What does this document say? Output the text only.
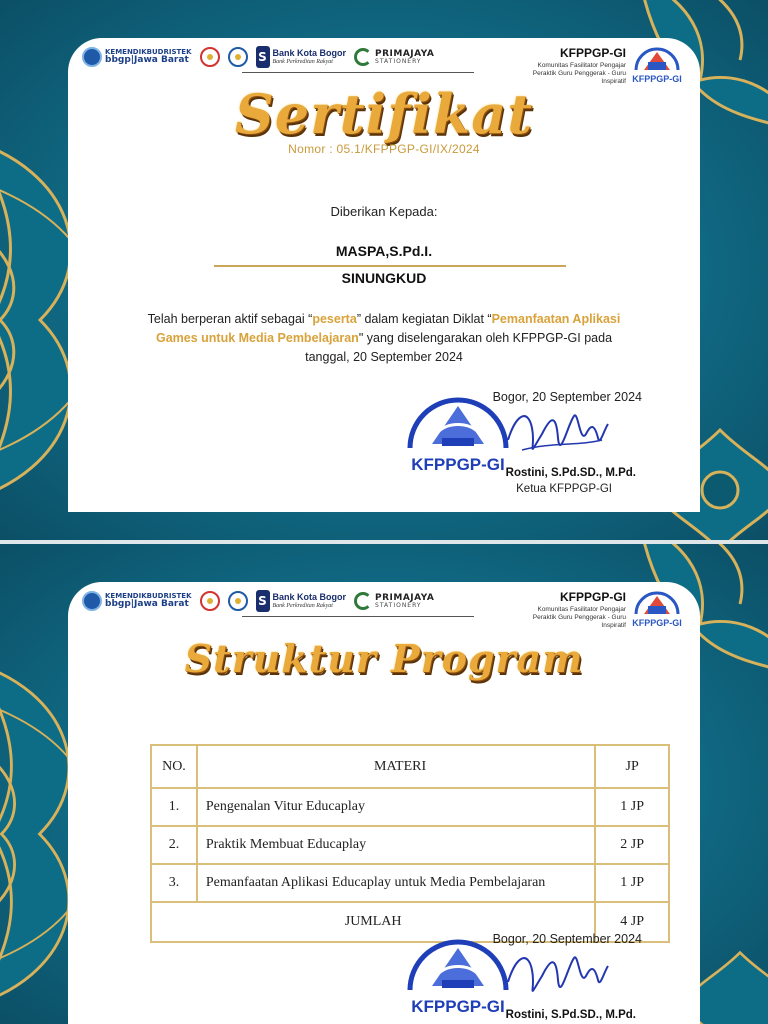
KEMENDIKBUDRISTEK
bbgp|Jawa Barat	S Bank Kota Bogor
Bank Perkreditan Rakyat
PRIMAJAYA
STATIONERY
KFPPGP-GI
Komunitas Fasilitator Pengajar Peraktik Guru Penggerak - Guru Inspiratif KFPPGP-GI
Sertifikat
Nomor : 05.1/KFPPGP-GI/IX/2024
Diberikan Kepada:
MASPA,S.Pd.I.
SINUNGKUD
Telah berperan aktif sebagai “peserta” dalam kegiatan Diklat “Pemanfaatan Aplikasi Games untuk Media Pembelajaran" yang diselengarakan oleh KFPPGP-GI pada tanggal, 20 September 2024
KFPPGP-GI
Bogor, 20 September 2024
Rostini, S.Pd.SD., M.Pd.
Ketua KFPPGP-GI
KEMENDIKBUDRISTEK
bbgp|Jawa Barat	S Bank Kota Bogor
Bank Perkreditan Rakyat
PRIMAJAYA
STATIONERY
KFPPGP-GI
Komunitas Fasilitator Pengajar Peraktik Guru Penggerak - Guru Inspiratif KFPPGP-GI
Struktur Program
NO.	MATERI	JP
1.	Pengenalan Vitur Educaplay	1 JP
2.	Praktik Membuat Educaplay	2 JP
3.	Pemanfaatan Aplikasi Educaplay untuk Media Pembelajaran	1 JP
JUMLAH		4 JP
KFPPGP-GI
Bogor, 20 September 2024
Rostini, S.Pd.SD., M.Pd.
